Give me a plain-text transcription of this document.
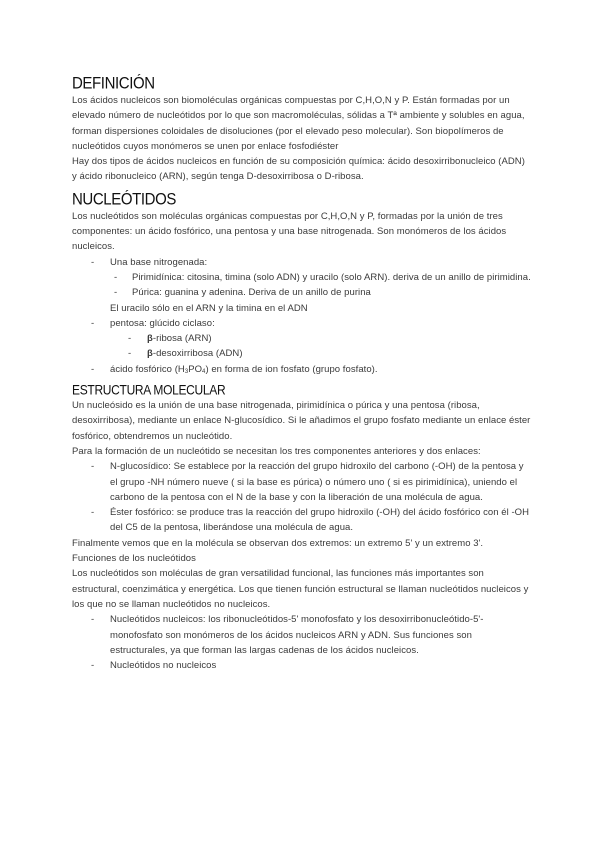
DEFINICIÓN

Los ácidos nucleicos son biomoléculas orgánicas compuestas por C,H,O,N y P. Están formadas por un elevado número de nucleótidos por lo que son macromoléculas, sólidas a Tª ambiente y solubles en agua, forman dispersiones coloidales de disoluciones (por el elevado peso molecular). Son biopolímeros de nucleótidos cuyos monómeros se unen por enlace fosfodiéster

Hay dos tipos de ácidos nucleicos en función de su composición química: ácido desoxirribonucleico (ADN) y ácido ribonucleico (ARN), según tenga D-desoxirribosa o D-ribosa.

NUCLEÓTIDOS

Los nucleótidos son moléculas orgánicas compuestas por C,H,O,N y P, formadas por la unión de tres componentes: un ácido fosfórico, una pentosa y una base nitrogenada. Son monómeros de los ácidos nucleicos.

- Una base nitrogenada:
- Pirimidínica: citosina, timina (solo ADN) y uracilo (solo ARN). deriva de un anillo de pirimidina.
- Púrica: guanina y adenina. Deriva de un anillo de purina
El uracilo sólo en el ARN y la timina en el ADN
- pentosa: glúcido ciclaso:
- β-ribosa (ARN)
- β-desoxirribosa (ADN)
- ácido fosfórico $(H_3PO_4)$ en forma de ion fosfato (grupo fosfato).
ESTRUCTURA MOLECULAR

Un nucleósido es la unión de una base nitrogenada, pirimidínica o púrica y una pentosa (ribosa, desoxirribosa), mediante un enlace N-glucosídico. Si le añadimos el grupo fosfato mediante un enlace éster fosfórico, obtendremos un nucleótido.

Para la formación de un nucleótido se necesitan los tres componentes anteriores y dos enlaces:

- N-glucosídico: Se establece por la reacción del grupo hidroxilo del carbono (-OH) de la pentosa y el grupo -NH número nueve ( si la base es púrica) o número uno ( si es pirimidínica), uniendo el carbono de la pentosa con el N de la base y con la liberación de una molécula de agua.
- Éster fosfórico: se produce tras la reacción del grupo hidroxilo (-OH) del ácido fosfórico con él -OH del C5 de la pentosa, liberándose una molécula de agua.

Finalmente vemos que en la molécula se observan dos extremos: un extremo 5' y un extremo 3'.

Funciones de los nucleótidos

Los nucleótidos son moléculas de gran versatilidad funcional, las funciones más importantes son estructural, coenzimática y energética. Los que tienen función estructural se llaman nucleótidos nucleicos y los que no se llaman nucleótidos no nucleicos.

- Nucleótidos nucleicos: los ribonucleótidos-5' monofosfato y los desoxirribonucleótido-5'-monofosfato son monómeros de los ácidos nucleicos ARN y ADN. Sus funciones son estructurales, ya que forman las largas cadenas de los ácidos nucleicos.
- Nucleótidos no nucleicos
